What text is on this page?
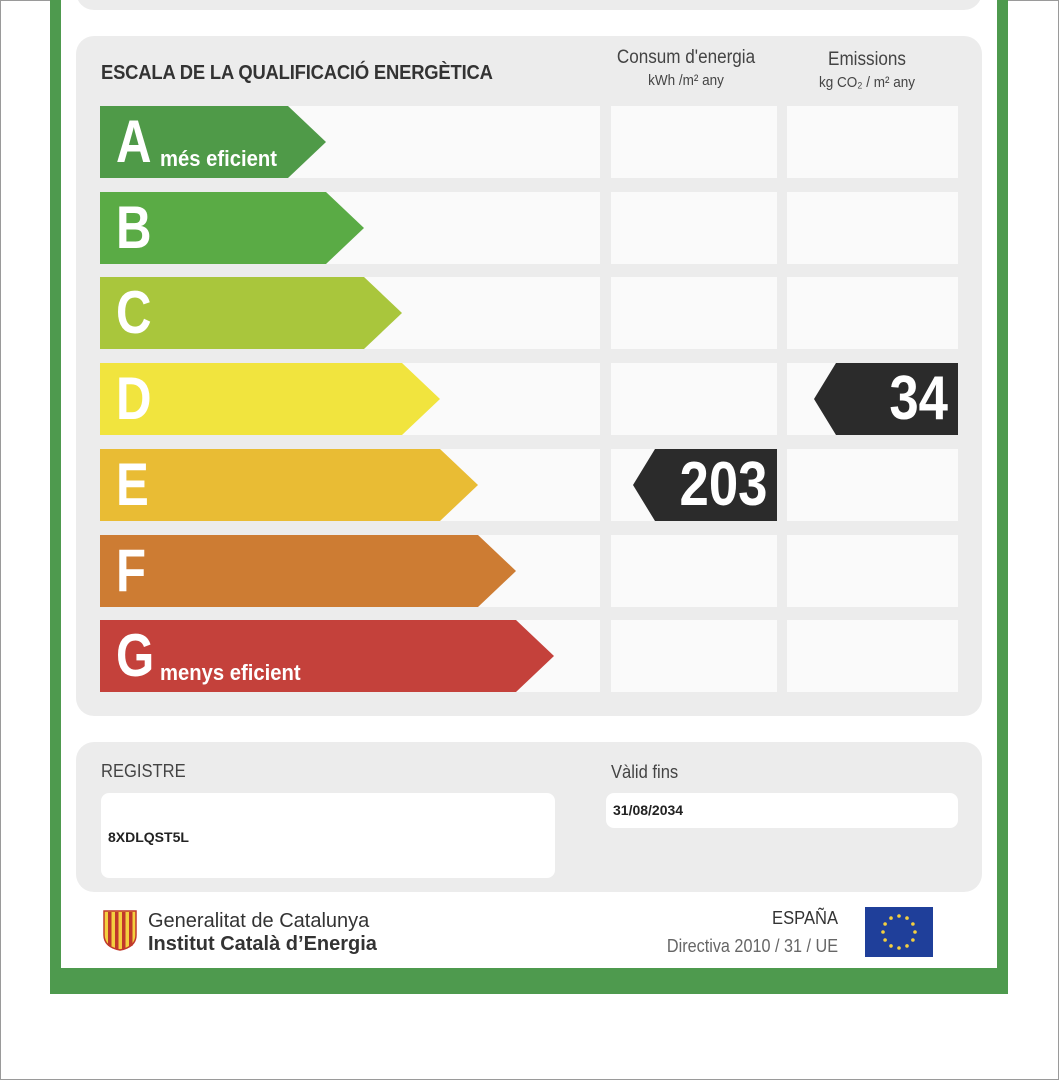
ESCALA DE LA QUALIFICACIÓ ENERGÈTICA
Consum d'energia
kWh /m² any
Emissions
kg CO₂ / m² any
A més eficient
B
C
D
E
F
G menys eficient
203
34
REGISTRE
8XDLQST5L
Vàlid fins
31/08/2034
Generalitat de Catalunya
Institut Català d’Energia
ESPAÑA
Directiva 2010 / 31 / UE
